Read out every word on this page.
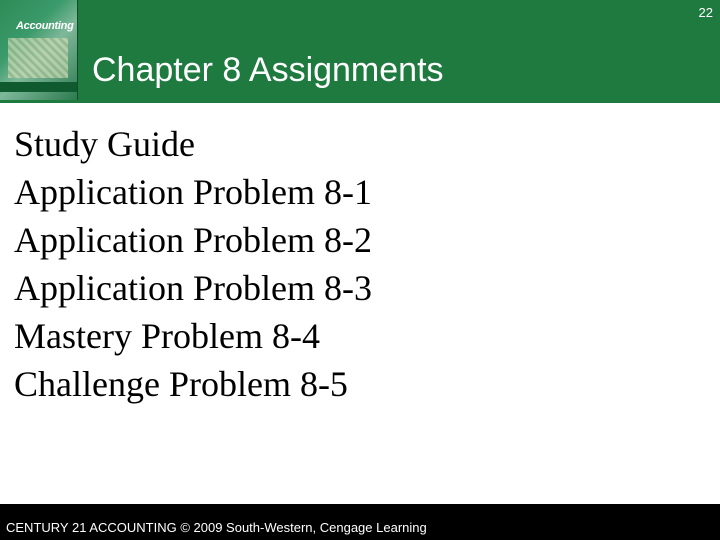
Accounting
22
Chapter 8 Assignments
Study Guide
Application Problem 8-1
Application Problem 8-2
Application Problem 8-3
Mastery Problem 8-4
Challenge Problem 8-5
CENTURY 21 ACCOUNTING © 2009 South-Western, Cengage Learning
